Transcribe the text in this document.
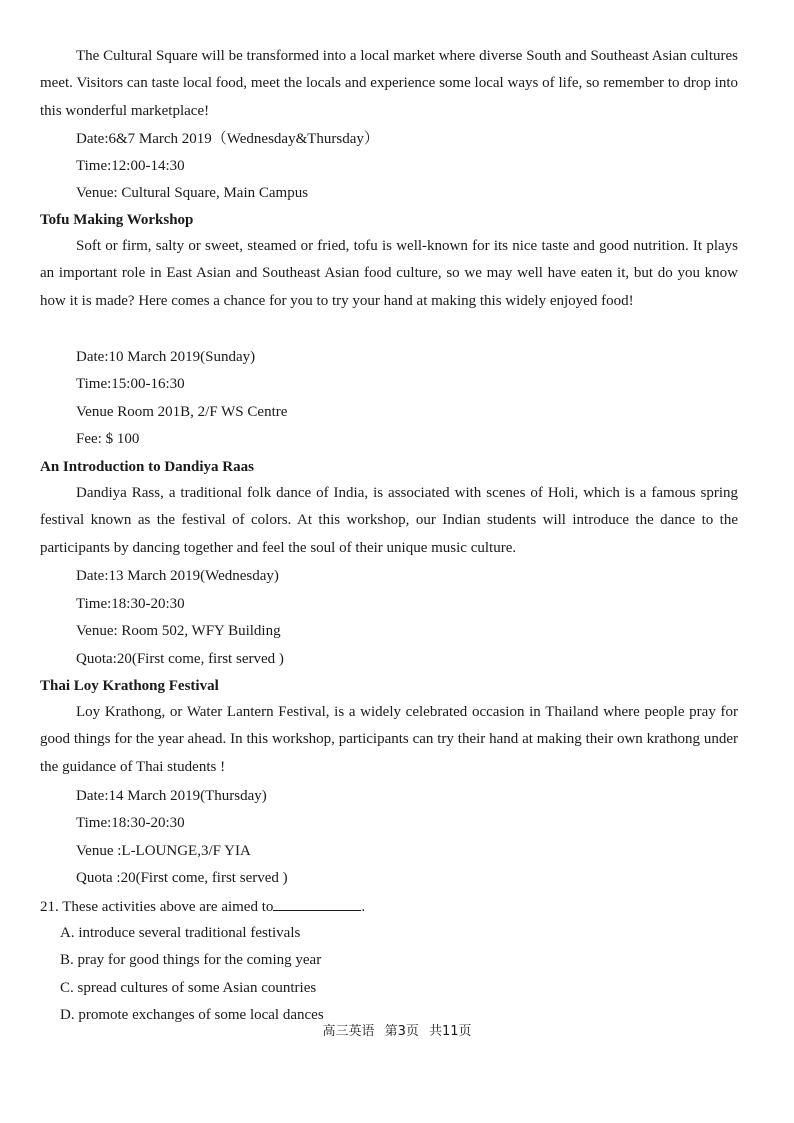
The Cultural Square will be transformed into a local market where diverse South and Southeast Asian cultures meet. Visitors can taste local food, meet the locals and experience some local ways of life, so remember to drop into this wonderful marketplace!

Date:6&7 March 2019（Wednesday&Thursday）

Time:12:00-14:30

Venue: Cultural Square, Main Campus

Tofu Making Workshop

Soft or firm, salty or sweet, steamed or fried, tofu is well-known for its nice taste and good nutrition. It plays an important role in East Asian and Southeast Asian food culture, so we may well have eaten it, but do you know how it is made? Here comes a chance for you to try your hand at making this widely enjoyed food!

Date:10 March 2019(Sunday)

Time:15:00-16:30

Venue Room 201B, 2/F WS Centre

Fee: $ 100

An Introduction to Dandiya Raas

Dandiya Rass, a traditional folk dance of India, is associated with scenes of Holi, which is a famous spring festival known as the festival of colors. At this workshop, our Indian students will introduce the dance to the participants by dancing together and feel the soul of their unique music culture.

Date:13 March 2019(Wednesday)

Time:18:30-20:30

Venue: Room 502, WFY Building

Quota:20(First come, first served )

Thai Loy Krathong Festival

Loy Krathong, or Water Lantern Festival, is a widely celebrated occasion in Thailand where people pray for good things for the year ahead. In this workshop, participants can try their hand at making their own krathong under the guidance of Thai students !

Date:14 March 2019(Thursday)

Time:18:30-20:30

Venue :L-LOUNGE,3/F YIA

Quota :20(First come, first served )

21. These activities above are aimed to	.

A. introduce several traditional festivals

B. pray for good things for the coming year

C. spread cultures of some Asian countries

D. promote exchanges of some local dances

高三英语 第3页 共11页
